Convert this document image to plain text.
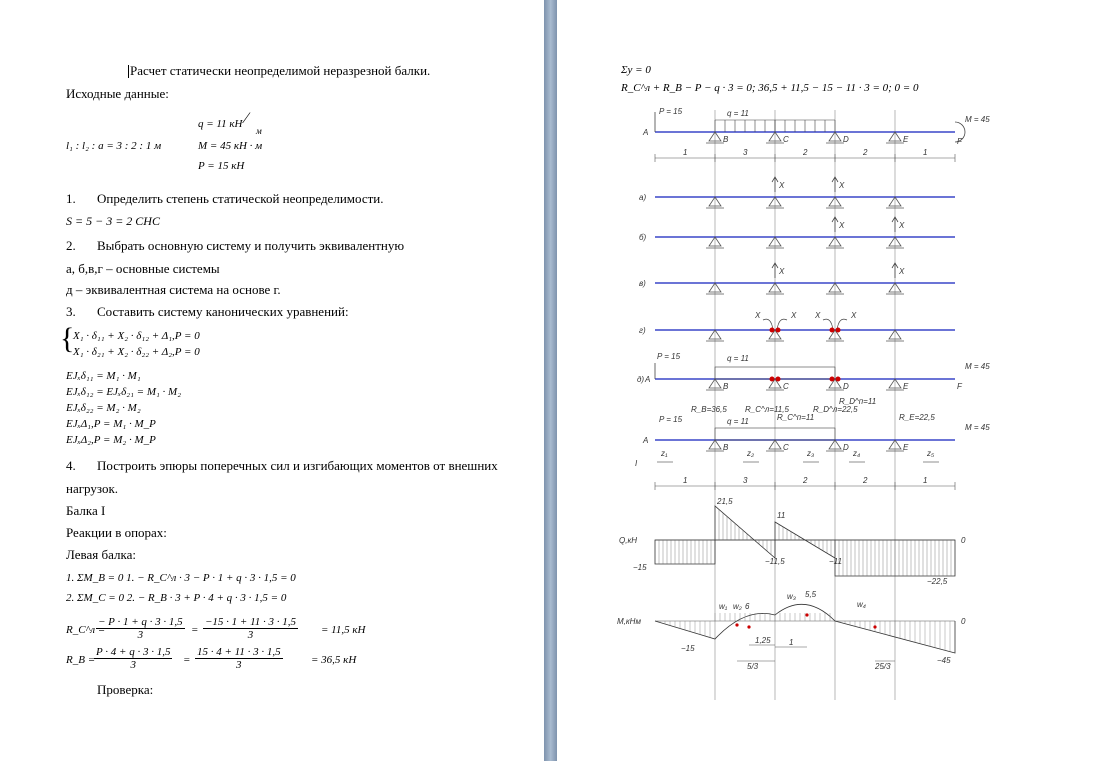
Расчет статически неопределимой неразрезной балки.
Исходные данные:
l₁ : l₂ : a = 3 : 2 : 1 м
q = 11 кН ⁄
м
M = 45 кН · м
P = 15 кН
1. Определить степень статической неопределимости.
S = 5 − 3 = 2 СНС
2. Выбрать основную систему и получить эквивалентную
а, б,в,г – основные системы
д – эквивалентная система на основе г.
3. Составить систему канонических уравнений:
{
X₁ · δ₁₁ + X₂ · δ₁₂ + Δ₁,P = 0
X₁ · δ₂₁ + X₂ · δ₂₂ + Δ₂,P = 0
EJₓδ₁₁ = M₁ · M₁
EJₓδ₁₂ = EJₓδ₂₁ = M₁ · M₂
EJₓδ₂₂ = M₂ · M₂
EJₓΔ₁,P = M₁ · M_P
EJₓΔ₂,P = M₂ · M_P
4. Построить эпюры поперечных сил и изгибающих моментов от внешних
нагрузок.
Балка I
Реакции в опорах:
Левая балка:
1. ΣM_B = 0 1. − R_C^л · 3 − P · 1 + q · 3 · 1,5 = 0
2. ΣM_C = 0 2. − R_B · 3 + P · 4 + q · 3 · 1,5 = 0
R_C^л =
$\frac{- P \cdot 1 + q \cdot 3 \cdot 1,5}{3} = \frac{-15 \cdot 1 + 11 \cdot 3 \cdot 1,5}{3} = 11,5$ кН
R_B =
$\frac{P \cdot 4 + q \cdot 3 \cdot 1,5}{3} = \frac{15 \cdot 4 + 11 \cdot 3 \cdot 1,5}{3}$	= 36,5 кН
Проверка:
Σy = 0
R_C^л + R_B − P − q · 3 = 0; 36,5 + 11,5 − 15 − 11 · 3 = 0; 0 = 0
A
P = 15	q = 11
M = 45
F
B	C	D	E
1	3	2	2	1
а)
б)
в)
г)
X	X
X	X
X	X
X	X X	X
д) A
P = 15	q = 11
M = 45
F
B	C	D	E
A
I
P = 15	q = 11
M = 45
B	C	D	E
R_B=36,5 R_C^л=11,5
R_C^п=11
R_D^л=22,5
R_D^п=11
R_E=22,5
z₁	z₂	z₃	z₄	z₅
1	3	2	2	1
Q,кН	0
21,5
−15
−11,5
11
−11
−22,5
M,кНм	0
−15
6
5,5
−45
w₁ w₂
w₃
w₄
1,25 1
5/3	25/3
